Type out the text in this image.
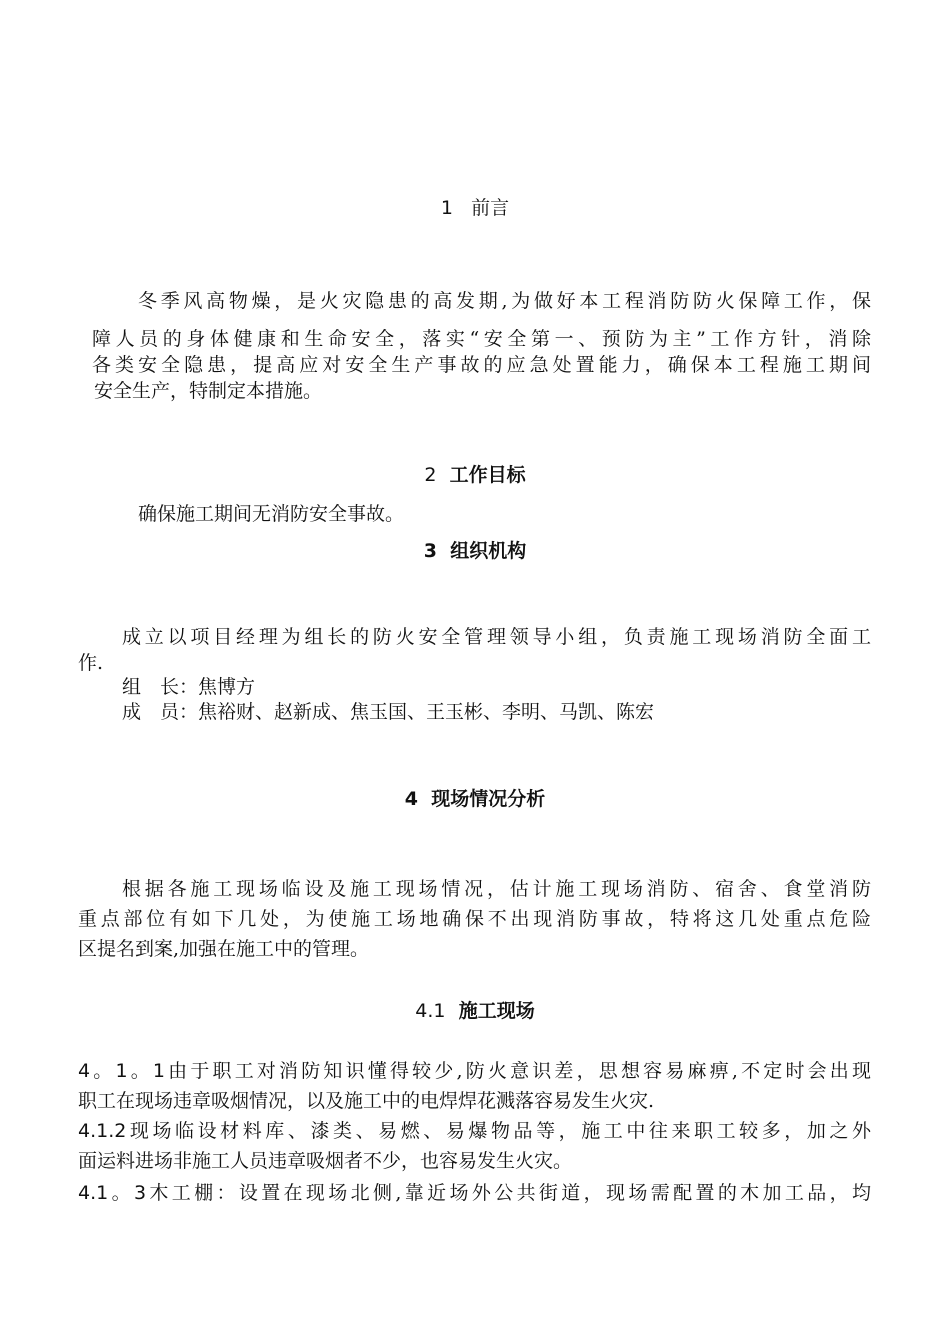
1 前言
冬季风高物燥，是火灾隐患的高发期,为做好本工程消防防火保障工作，保
障人员的身体健康和生命安全，落实“安全第一、预防为主”工作方针，消除
各类安全隐患，提高应对安全生产事故的应急处置能力，确保本工程施工期间
安全生产，特制定本措施。
2 工作目标
确保施工期间无消防安全事故。
3 组织机构
成立以项目经理为组长的防火安全管理领导小组，负责施工现场消防全面工
作.
组　长：焦博方
成　员：焦裕财、赵新成、焦玉国、王玉彬、李明、马凯、陈宏
4 现场情况分析
根据各施工现场临设及施工现场情况，估计施工现场消防、宿舍、食堂消防
重点部位有如下几处，为使施工场地确保不出现消防事故，特将这几处重点危险
区提名到案,加强在施工中的管理。
4.1 施工现场
4。1。1由于职工对消防知识懂得较少,防火意识差，思想容易麻痹,不定时会出现
职工在现场违章吸烟情况，以及施工中的电焊焊花溅落容易发生火灾.
4.1.2现场临设材料库、漆类、易燃、易爆物品等，施工中往来职工较多，加之外
面运料进场非施工人员违章吸烟者不少，也容易发生火灾。
4.1。3木工棚：设置在现场北侧,靠近场外公共街道，现场需配置的木加工品，均
